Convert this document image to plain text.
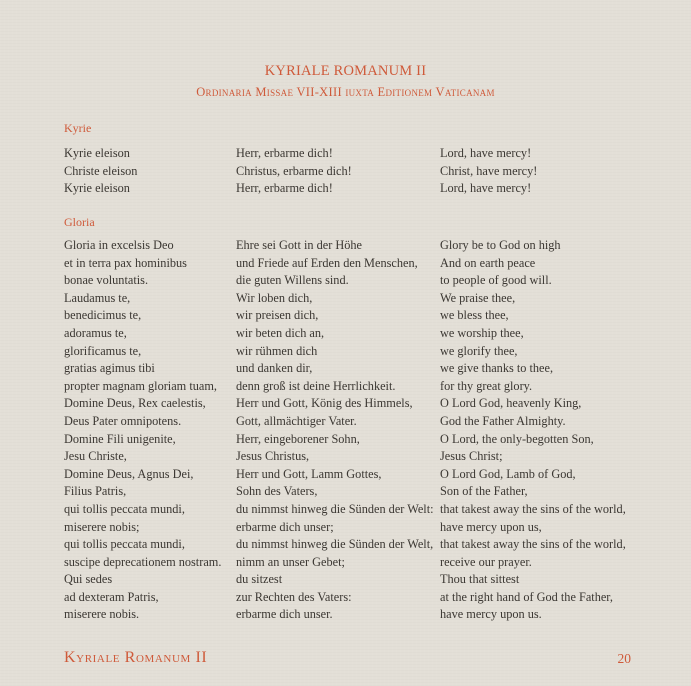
KYRIALE ROMANUM II
Ordinaria Missae VII-XIII iuxta Editionem Vaticanam
Kyrie
Kyrie eleison
Christe eleison
Kyrie eleison
Herr, erbarme dich!
Christus, erbarme dich!
Herr, erbarme dich!
Lord, have mercy!
Christ, have mercy!
Lord, have mercy!
Gloria
Gloria in excelsis Deo
et in terra pax hominibus
bonae voluntatis.
Laudamus te,
benedicimus te,
adoramus te,
glorificamus te,
gratias agimus tibi
propter magnam gloriam tuam,
Domine Deus, Rex caelestis,
Deus Pater omnipotens.
Domine Fili unigenite,
Jesu Christe,
Domine Deus, Agnus Dei,
Filius Patris,
qui tollis peccata mundi,
miserere nobis;
qui tollis peccata mundi,
suscipe deprecationem nostram.
Qui sedes
ad dexteram Patris,
miserere nobis.
Ehre sei Gott in der Höhe
und Friede auf Erden den Menschen,
die guten Willens sind.
Wir loben dich,
wir preisen dich,
wir beten dich an,
wir rühmen dich
und danken dir,
denn groß ist deine Herrlichkeit.
Herr und Gott, König des Himmels,
Gott, allmächtiger Vater.
Herr, eingeborener Sohn,
Jesus Christus,
Herr und Gott, Lamm Gottes,
Sohn des Vaters,
du nimmst hinweg die Sünden der Welt:
erbarme dich unser;
du nimmst hinweg die Sünden der Welt,
nimm an unser Gebet;
du sitzest
zur Rechten des Vaters:
erbarme dich unser.
Glory be to God on high
And on earth peace
to people of good will.
We praise thee,
we bless thee,
we worship thee,
we glorify thee,
we give thanks to thee,
for thy great glory.
O Lord God, heavenly King,
God the Father Almighty.
O Lord, the only-begotten Son,
Jesus Christ;
O Lord God, Lamb of God,
Son of the Father,
that takest away the sins of the world,
have mercy upon us,
that takest away the sins of the world,
receive our prayer.
Thou that sittest
at the right hand of God the Father,
have mercy upon us.
Kyriale Romanum II	20
